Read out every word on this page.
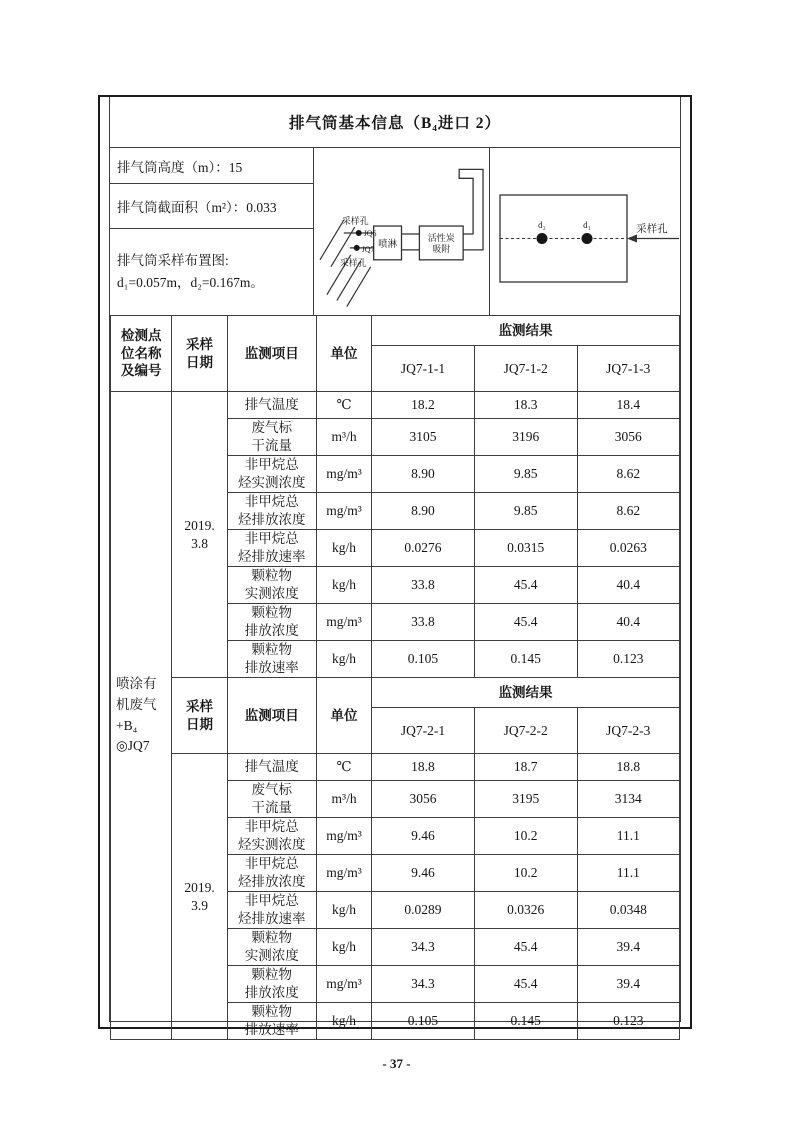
排气筒基本信息（B₄进口 2）
排气筒高度（m）：15
排气筒截面积（m²）：0.033
排气筒采样布置图:
d₁=0.057m，d₂=0.167m。
采样孔
JQ6
喷淋
JQ7
采样孔
活性炭
吸附
d₂	d₁	采样孔
检测点
位名称
及编号	采样
日期	监测项目	单位	监测结果		
				JQ7-1-1	JQ7-1-2	JQ7-1-3
喷涂有
机废气
+B₄
◎JQ7	2019.
3.8	排气温度	℃	18.2	18.3	18.4
		废气标
干流量	m³/h	3105	3196	3056
		非甲烷总
烃实测浓度	mg/m³	8.90	9.85	8.62
		非甲烷总
烃排放浓度	mg/m³	8.90	9.85	8.62
		非甲烷总
烃排放速率	kg/h	0.0276	0.0315	0.0263
		颗粒物
实测浓度	kg/h	33.8	45.4	40.4
		颗粒物
排放浓度	mg/m³	33.8	45.4	40.4
		颗粒物
排放速率	kg/h	0.105	0.145	0.123
	采样
日期	监测项目	单位	监测结果		
				JQ7-2-1	JQ7-2-2	JQ7-2-3
	2019.
3.9	排气温度	℃	18.8	18.7	18.8
		废气标
干流量	m³/h	3056	3195	3134
		非甲烷总
烃实测浓度	mg/m³	9.46	10.2	11.1
		非甲烷总
烃排放浓度	mg/m³	9.46	10.2	11.1
		非甲烷总
烃排放速率	kg/h	0.0289	0.0326	0.0348
		颗粒物
实测浓度	kg/h	34.3	45.4	39.4
		颗粒物
排放浓度	mg/m³	34.3	45.4	39.4
		颗粒物
排放速率	kg/h	0.105	0.145	0.123
- 37 -
